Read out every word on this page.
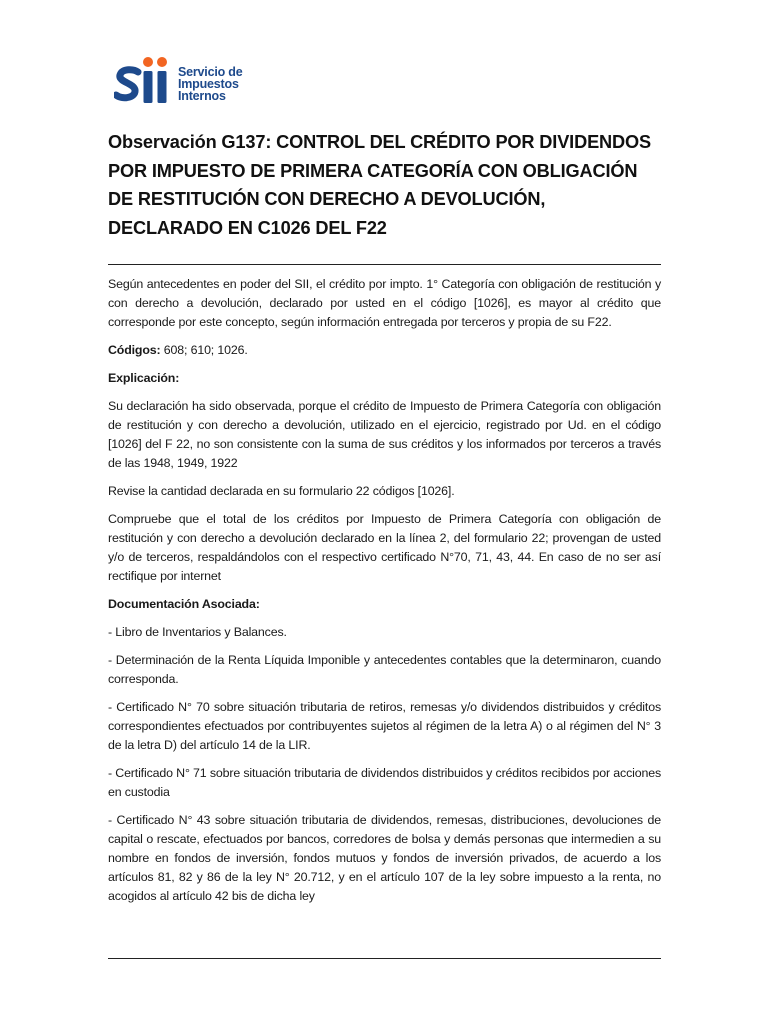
Servicio de
Impuestos
Internos
Observación G137: CONTROL DEL CRÉDITO POR DIVIDENDOS POR IMPUESTO DE PRIMERA CATEGORÍA CON OBLIGACIÓN DE RESTITUCIÓN CON DERECHO A DEVOLUCIÓN, DECLARADO EN C1026 DEL F22

Según antecedentes en poder del SII, el crédito por impto. 1° Categoría con obligación de restitución y con derecho a devolución, declarado por usted en el código [1026], es mayor al crédito que corresponde por este concepto, según información entregada por terceros y propia de su F22.

Códigos: 608; 610; 1026.

Explicación:

Su declaración ha sido observada, porque el crédito de Impuesto de Primera Categoría con obligación de restitución y con derecho a devolución, utilizado en el ejercicio, registrado por Ud. en el código [1026] del F 22, no son consistente con la suma de sus créditos y los informados por terceros a través de las 1948, 1949, 1922

Revise la cantidad declarada en su formulario 22 códigos [1026].

Compruebe que el total de los créditos por Impuesto de Primera Categoría con obligación de restitución y con derecho a devolución declarado en la línea 2, del formulario 22; provengan de usted y/o de terceros, respaldándolos con el respectivo certificado N°70, 71, 43, 44. En caso de no ser así rectifique por internet

Documentación Asociada:

- Libro de Inventarios y Balances.

- Determinación de la Renta Líquida Imponible y antecedentes contables que la determinaron, cuando corresponda.

- Certificado N° 70 sobre situación tributaria de retiros, remesas y/o dividendos distribuidos y créditos correspondientes efectuados por contribuyentes sujetos al régimen de la letra A) o al régimen del N° 3 de la letra D) del artículo 14 de la LIR.

- Certificado N° 71 sobre situación tributaria de dividendos distribuidos y créditos recibidos por acciones en custodia

- Certificado N° 43 sobre situación tributaria de dividendos, remesas, distribuciones, devoluciones de capital o rescate, efectuados por bancos, corredores de bolsa y demás personas que intermedien a su nombre en fondos de inversión, fondos mutuos y fondos de inversión privados, de acuerdo a los artículos 81, 82 y 86 de la ley N° 20.712, y en el artículo 107 de la ley sobre impuesto a la renta, no acogidos al artículo 42 bis de dicha ley
